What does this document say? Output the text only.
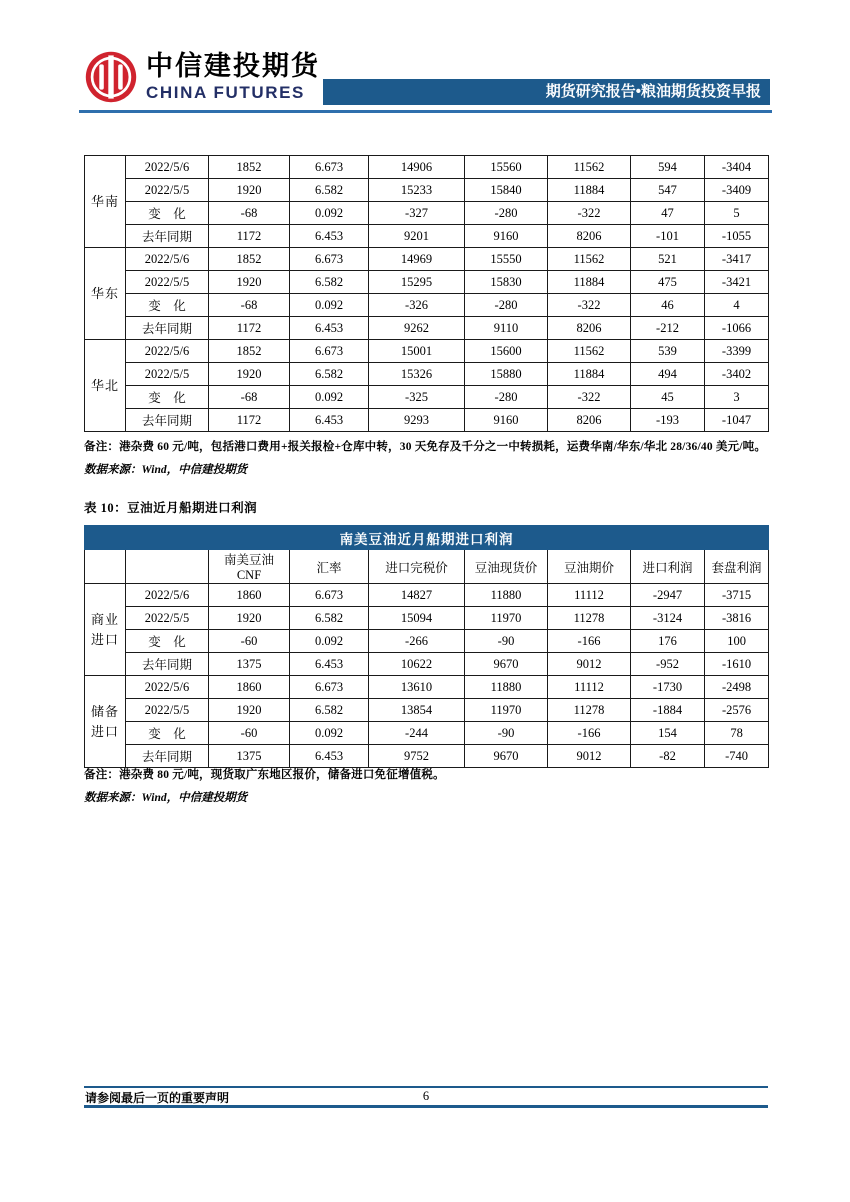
中信建投期货
CHINA FUTURES	期货研究报告•粮油期货投资早报
华南	2022/5/6	1852	6.673	14906	15560	11562	594	-3404
	2022/5/5	1920	6.582	15233	15840	11884	547	-3409
	变　化	-68	0.092	-327	-280	-322	47	5
	去年同期	1172	6.453	9201	9160	8206	-101	-1055
华东	2022/5/6	1852	6.673	14969	15550	11562	521	-3417
	2022/5/5	1920	6.582	15295	15830	11884	475	-3421
	变　化	-68	0.092	-326	-280	-322	46	4
	去年同期	1172	6.453	9262	9110	8206	-212	-1066
华北	2022/5/6	1852	6.673	15001	15600	11562	539	-3399
	2022/5/5	1920	6.582	15326	15880	11884	494	-3402
	变　化	-68	0.092	-325	-280	-322	45	3
	去年同期	1172	6.453	9293	9160	8206	-193	-1047
备注：港杂费 60 元/吨，包括港口费用+报关报检+仓库中转，30 天免存及千分之一中转损耗，运费华南/华东/华北 28/36/40 美元/吨。
数据来源：Wind，中信建投期货
表 10：豆油近月船期进口利润
南美豆油近月船期进口利润								
		南美豆油 CNF	汇率	进口完税价	豆油现货价	豆油期价	进口利润	套盘利润
商业
进口	2022/5/6	1860	6.673	14827	11880	11112	-2947	-3715
	2022/5/5	1920	6.582	15094	11970	11278	-3124	-3816
	变　化	-60	0.092	-266	-90	-166	176	100
	去年同期	1375	6.453	10622	9670	9012	-952	-1610
储备
进口	2022/5/6	1860	6.673	13610	11880	11112	-1730	-2498
	2022/5/5	1920	6.582	13854	11970	11278	-1884	-2576
	变　化	-60	0.092	-244	-90	-166	154	78
	去年同期	1375	6.453	9752	9670	9012	-82	-740
备注：港杂费 80 元/吨，现货取广东地区报价，储备进口免征增值税。
数据来源：Wind，中信建投期货
请参阅最后一页的重要声明	6
